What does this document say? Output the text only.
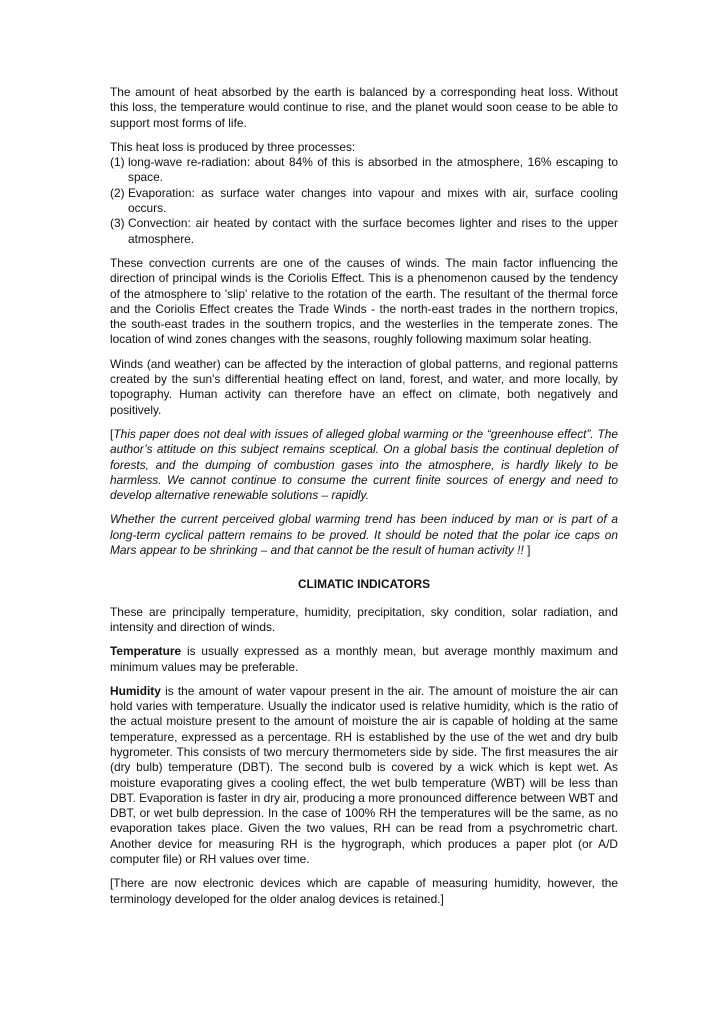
The amount of heat absorbed by the earth is balanced by a corresponding heat loss. Without this loss, the temperature would continue to rise, and the planet would soon cease to be able to support most forms of life.

This heat loss is produced by three processes:
(1) long-wave re-radiation: about 84% of this is absorbed in the atmosphere, 16% escaping to space.
(2) Evaporation: as surface water changes into vapour and mixes with air, surface cooling occurs.
(3) Convection: air heated by contact with the surface becomes lighter and rises to the upper atmosphere.

These convection currents are one of the causes of winds. The main factor influencing the direction of principal winds is the Coriolis Effect. This is a phenomenon caused by the tendency of the atmosphere to 'slip' relative to the rotation of the earth. The resultant of the thermal force and the Coriolis Effect creates the Trade Winds - the north-east trades in the northern tropics, the south-east trades in the southern tropics, and the westerlies in the temperate zones. The location of wind zones changes with the seasons, roughly following maximum solar heating.

Winds (and weather) can be affected by the interaction of global patterns, and regional patterns created by the sun's differential heating effect on land, forest, and water, and more locally, by topography. Human activity can therefore have an effect on climate, both negatively and positively.

[This paper does not deal with issues of alleged global warming or the “greenhouse effect”. The author’s attitude on this subject remains sceptical. On a global basis the continual depletion of forests, and the dumping of combustion gases into the atmosphere, is hardly likely to be harmless. We cannot continue to consume the current finite sources of energy and need to develop alternative renewable solutions – rapidly.

Whether the current perceived global warming trend has been induced by man or is part of a long-term cyclical pattern remains to be proved. It should be noted that the polar ice caps on Mars appear to be shrinking – and that cannot be the result of human activity !! ]

CLIMATIC INDICATORS

These are principally temperature, humidity, precipitation, sky condition, solar radiation, and intensity and direction of winds.

Temperature is usually expressed as a monthly mean, but average monthly maximum and minimum values may be preferable.

Humidity is the amount of water vapour present in the air. The amount of moisture the air can hold varies with temperature. Usually the indicator used is relative humidity, which is the ratio of the actual moisture present to the amount of moisture the air is capable of holding at the same temperature, expressed as a percentage. RH is established by the use of the wet and dry bulb hygrometer. This consists of two mercury thermometers side by side. The first measures the air (dry bulb) temperature (DBT). The second bulb is covered by a wick which is kept wet. As moisture evaporating gives a cooling effect, the wet bulb temperature (WBT) will be less than DBT. Evaporation is faster in dry air, producing a more pronounced difference between WBT and DBT, or wet bulb depression. In the case of 100% RH the temperatures will be the same, as no evaporation takes place. Given the two values, RH can be read from a psychrometric chart. Another device for measuring RH is the hygrograph, which produces a paper plot (or A/D computer file) or RH values over time.

[There are now electronic devices which are capable of measuring humidity, however, the terminology developed for the older analog devices is retained.]
